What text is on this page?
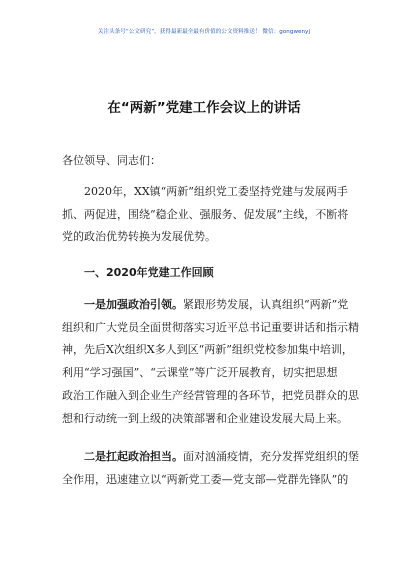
关注头条号“公文研究”，获得最新最全最有价值的公文资料推送！ 微信：gongwenyj
在“两新”党建工作会议上的讲话
各位领导、同志们：
2020年，XX镇“两新”组织党工委坚持党建与发展两手
抓、两促进，围绕“稳企业、强服务、促发展”主线，不断将
党的政治优势转换为发展优势。
一、2020年党建工作回顾
一是加强政治引领。紧跟形势发展，认真组织“两新”党
组织和广大党员全面贯彻落实习近平总书记重要讲话和指示精
神，先后X次组织X多人到区“两新”组织党校参加集中培训，
利用“学习强国”、“云课堂”等广泛开展教育，切实把思想
政治工作融入到企业生产经营管理的各环节，把党员群众的思
想和行动统一到上级的决策部署和企业建设发展大局上来。
二是扛起政治担当。面对汹涌疫情，充分发挥党组织的堡
全作用，迅速建立以“两新党工委—党支部—党群先锋队”的
